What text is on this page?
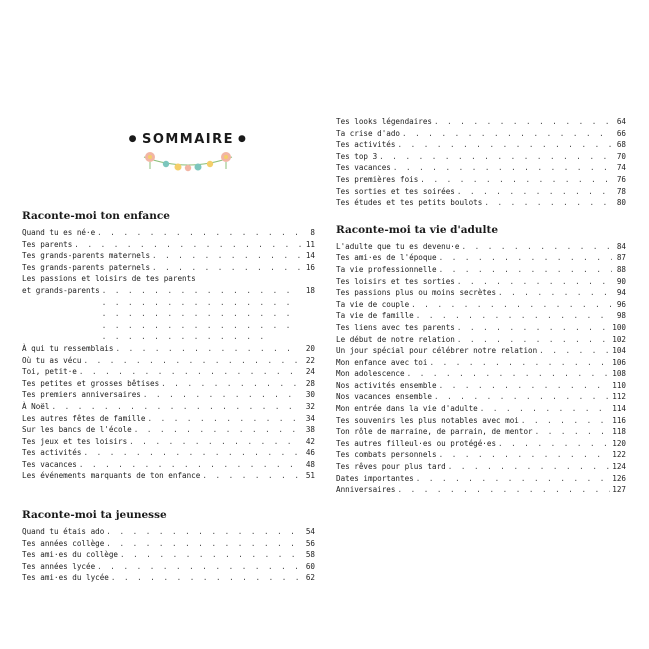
● SOMMAIRE ●
Raconte-moi ton enfance
Quand tu es né·e . . .	8
Tes parents . . .	11
Tes grands-parents maternels . . .	14
Tes grands-parents paternels . . .	16
Les passions et loisirs de tes parents
et grands-parents . . .	18
À qui tu ressemblais . . .	20
Où tu as vécu . . .	22
Toi, petit·e . . .	24
Tes petites et grosses bêtises . . .	28
Tes premiers anniversaires . . .	30
À Noël . . .	32
Les autres fêtes de famille . . .	34
Sur les bancs de l'école . . .	38
Tes jeux et tes loisirs . . .	42
Tes activités . . .	46
Tes vacances . . .	48
Les événements marquants de ton enfance . . .	51
Raconte-moi ta jeunesse
Quand tu étais ado . . .	54
Tes années collège . . .	56
Tes ami·es du collège . . .	58
Tes années lycée . . .	60
Tes ami·es du lycée . . .	62
Tes looks légendaires . . .	64
Ta crise d'ado . . .	66
Tes activités . . .	68
Tes top 3 . . .	70
Tes vacances . . .	74
Tes premières fois . . .	76
Tes sorties et tes soirées . . .	78
Tes études et tes petits boulots . . .	80
Raconte-moi ta vie d'adulte
L'adulte que tu es devenu·e . . .	84
Tes ami·es de l'époque . . .	87
Ta vie professionnelle . . .	88
Tes loisirs et tes sorties . . .	90
Tes passions plus ou moins secrètes . . .	94
Ta vie de couple . . .	96
Ta vie de famille . . .	98
Tes liens avec tes parents . . .	100
Le début de notre relation . . .	102
Un jour spécial pour célébrer notre relation . . .	104
Mon enfance avec toi . . .	106
Mon adolescence . . .	108
Nos activités ensemble . . .	110
Nos vacances ensemble . . .	112
Mon entrée dans la vie d'adulte . . .	114
Tes souvenirs les plus notables avec moi . . .	116
Ton rôle de marraine, de parrain, de mentor . . .	118
Tes autres filleul·es ou protégé·es . . .	120
Tes combats personnels . . .	122
Tes rêves pour plus tard . . .	124
Dates importantes . . .	126
Anniversaires . . .	127
